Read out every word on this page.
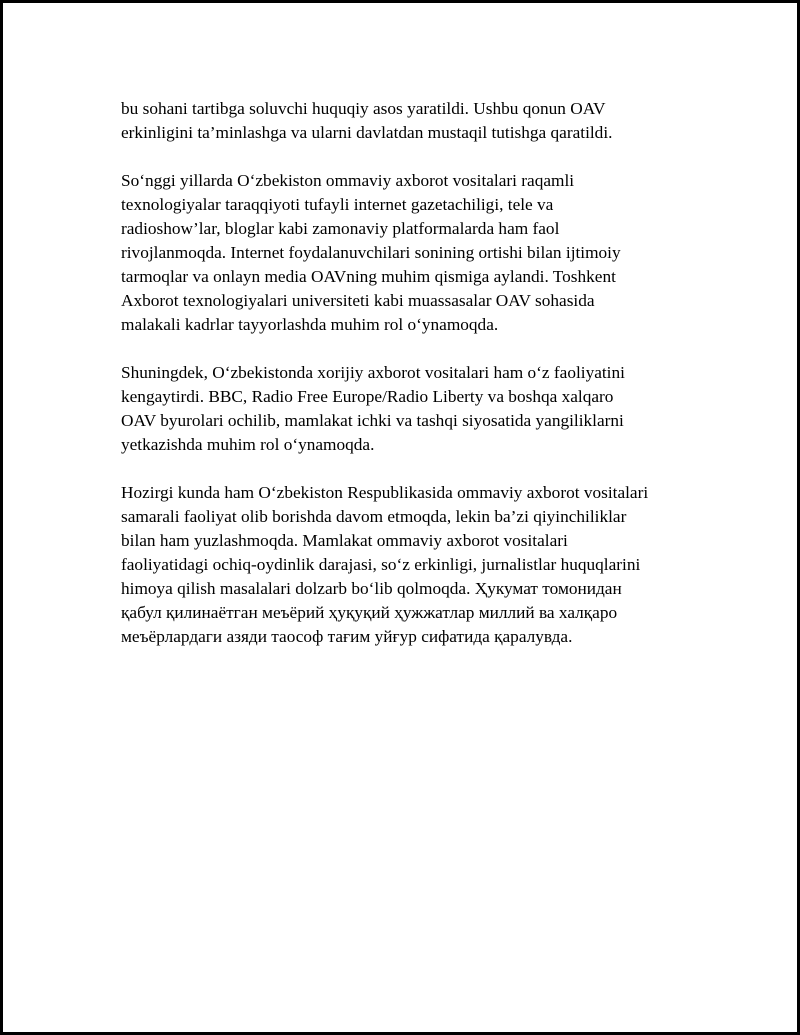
bu sohani tartibga soluvchi huquqiy asos yaratildi. Ushbu qonun OAV
erkinligini ta’minlashga va ularni davlatdan mustaqil tutishga qaratildi.

So‘nggi yillarda O‘zbekiston ommaviy axborot vositalari raqamli
texnologiyalar taraqqiyoti tufayli internet gazetachiligi, tele va
radioshow’lar, bloglar kabi zamonaviy platformalarda ham faol
rivojlanmoqda. Internet foydalanuvchilari sonining ortishi bilan ijtimoiy
tarmoqlar va onlayn media OAVning muhim qismiga aylandi. Toshkent
Axborot texnologiyalari universiteti kabi muassasalar OAV sohasida
malakali kadrlar tayyorlashda muhim rol o‘ynamoqda.

Shuningdek, O‘zbekistonda xorijiy axborot vositalari ham o‘z faoliyatini
kengaytirdi. BBC, Radio Free Europe/Radio Liberty va boshqa xalqaro
OAV byurolari ochilib, mamlakat ichki va tashqi siyosatida yangiliklarni
yetkazishda muhim rol o‘ynamoqda.

Hozirgi kunda ham O‘zbekiston Respublikasida ommaviy axborot vositalari
samarali faoliyat olib borishda davom etmoqda, lekin ba’zi qiyinchiliklar
bilan ham yuzlashmoqda. Mamlakat ommaviy axborot vositalari
faoliyatidagi ochiq-oydinlik darajasi, so‘z erkinligi, jurnalistlar huquqlarini
himoya qilish masalalari dolzarb bo‘lib qolmoqda. Ҳукумат томонидан
қабул қилинаётган меъёрий ҳуқуқий ҳужжатлар миллий ва халқаро
меъёрлардаги азяди таософ тағим уйғур сифатида қаралувда.
